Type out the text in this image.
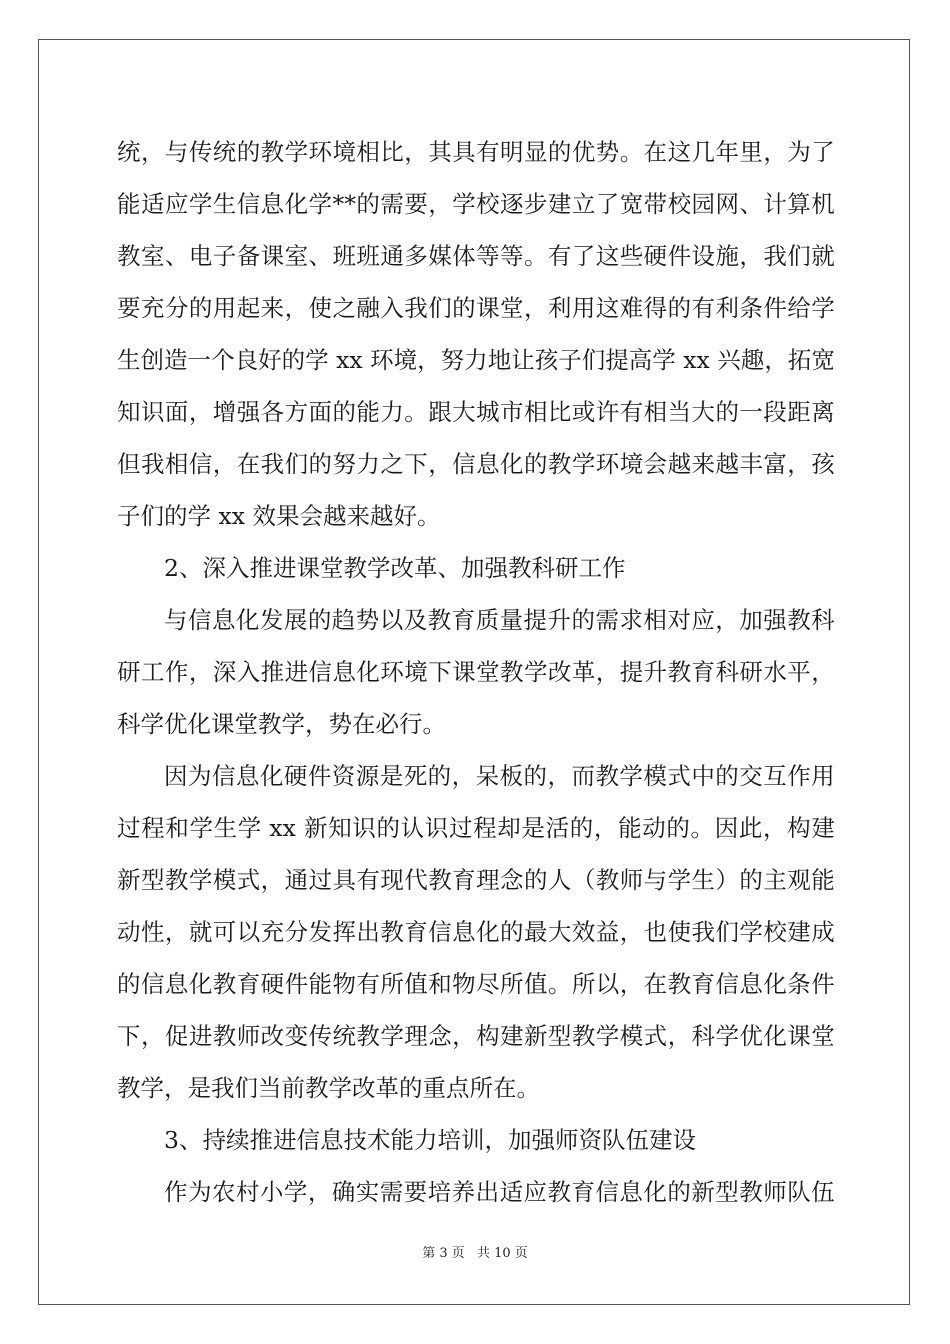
统 ， 与 传 统 的 教 学 环 境 相 比 ， 其 具 有 明 显 的 优 势 。 在 这 几 年 里 ， 为 了
能 适 应 学 生 信 息 化 学 ** 的 需 要 ， 学 校 逐 步 建 立 了 宽 带 校 园 网 、 计 算 机
教 室 、 电 子 备 课 室 、 班 班 通 多 媒 体 等 等 。 有 了 这 些 硬 件 设 施 ， 我 们 就
要 充 分 的 用 起 来 ， 使 之 融 入 我 们 的 课 堂 ， 利 用 这 难 得 的 有 利 条 件 给 学
生 创 造 一 个 良 好 的 学 xx 环 境 ， 努 力 地 让 孩 子 们 提 高 学 xx 兴 趣 ， 拓 宽
知 识 面 ， 增 强 各 方 面 的 能 力 。 跟 大 城 市 相 比 或 许 有 相 当 大 的 一 段 距 离
但 我 相 信 ， 在 我 们 的 努 力 之 下 ， 信 息 化 的 教 学 环 境 会 越 来 越 丰 富 ， 孩
子们的学 xx 效果会越来越好。
2、深入推进课堂教学改革、加强教科研工作
与 信 息 化 发 展 的 趋 势 以 及 教 育 质 量 提 升 的 需 求 相 对 应 ， 加 强 教 科
研 工 作 ， 深 入 推 进 信 息 化 环 境 下 课 堂 教 学 改 革 ， 提 升 教 育 科 研 水 平 ，
科学优化课堂教学，势在必行。
因 为 信 息 化 硬 件 资 源 是 死 的 ， 呆 板 的 ， 而 教 学 模 式 中 的 交 互 作 用
过 程 和 学 生 学 xx 新 知 识 的 认 识 过 程 却 是 活 的 ， 能 动 的 。 因 此 ， 构 建
新 型 教 学 模 式 ， 通 过 具 有 现 代 教 育 理 念 的 人 （ 教 师 与 学 生 ） 的 主 观 能
动 性 ， 就 可 以 充 分 发 挥 出 教 育 信 息 化 的 最 大 效 益 ， 也 使 我 们 学 校 建 成
的 信 息 化 教 育 硬 件 能 物 有 所 值 和 物 尽 所 值 。 所 以 ， 在 教 育 信 息 化 条 件
下 ， 促 进 教 师 改 变 传 统 教 学 理 念 ， 构 建 新 型 教 学 模 式 ， 科 学 优 化 课 堂
教学，是我们当前教学改革的重点所在。
3、持续推进信息技术能力培训，加强师资队伍建设
作 为 农 村 小 学 ， 确 实 需 要 培 养 出 适 应 教 育 信 息 化 的 新 型 教 师 队 伍
第 3 页 共 10 页
